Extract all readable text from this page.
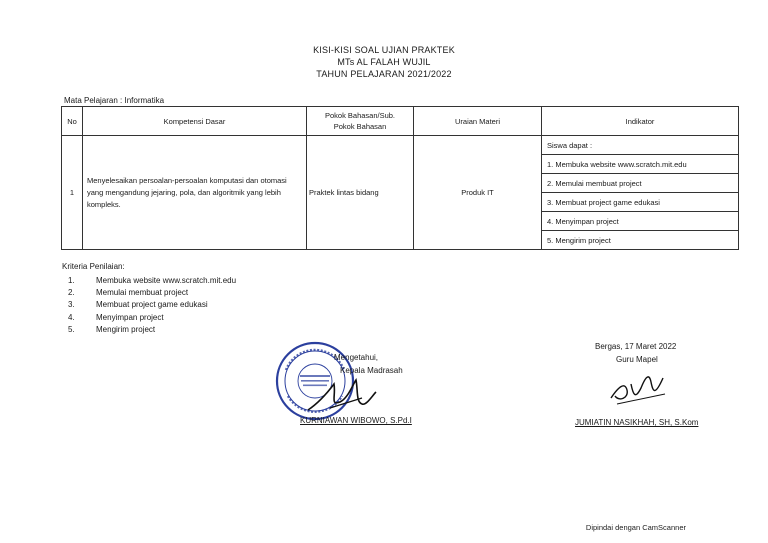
KISI-KISI SOAL UJIAN PRAKTEK
MTs AL FALAH WUJIL
TAHUN PELAJARAN 2021/2022
Mata Pelajaran : Informatika
No	Kompetensi Dasar	Pokok Bahasan/Sub. Pokok Bahasan	Uraian Materi	Indikator
1	Menyelesaikan persoalan-persoalan komputasi dan otomasi yang mengandung jejaring, pola, dan algoritmik yang lebih kompleks.	Praktek lintas bidang	Produk IT	Siswa dapat :
				1. Membuka website www.scratch.mit.edu
				2. Memulai membuat project
				3. Membuat project game edukasi
				4. Menyimpan project
				5. Mengirim project
Kriteria Penilaian:
1.	Membuka website www.scratch.mit.edu
2.	Memulai membuat project
3.	Membuat project game edukasi
4.	Menyimpan project
5.	Mengirim project
Mengetahui,
Kepala Madrasah
KURNIAWAN WIBOWO, S.Pd.I
Bergas, 17 Maret 2022
Guru Mapel
JUMIATIN NASIKHAH, SH, S.Kom
Dipindai dengan CamScanner
